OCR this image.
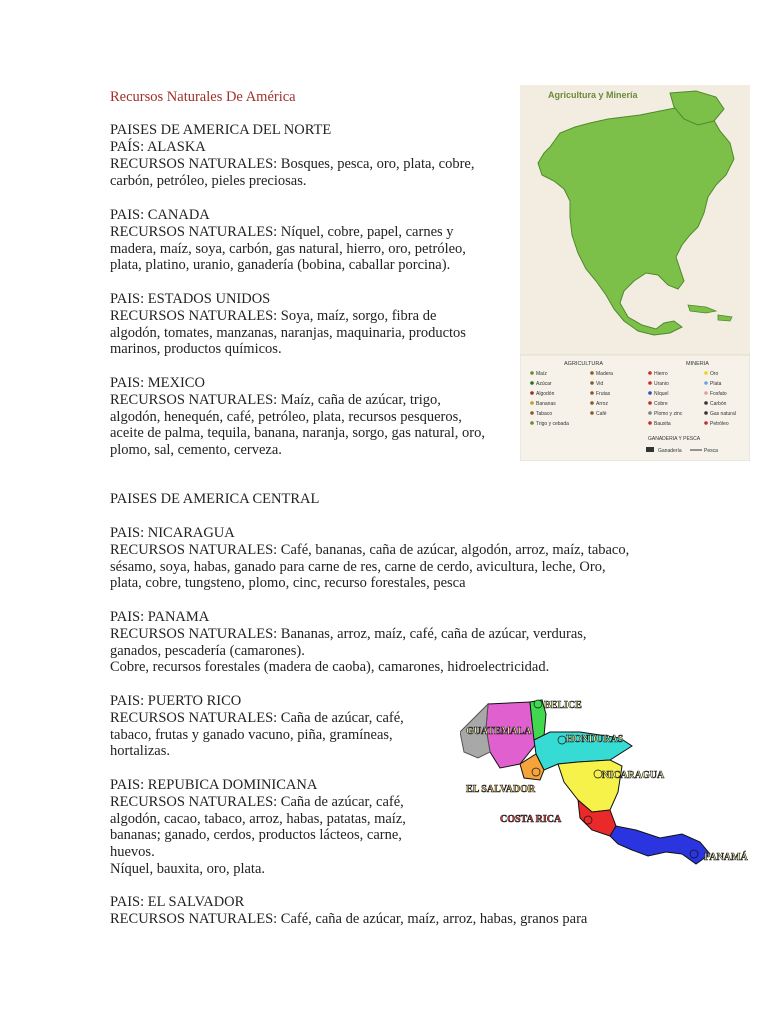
Recursos Naturales De América
PAISES DE AMERICA DEL NORTE
PAISES DE AMERICA CENTRAL
PAÍS: ALASKA
RECURSOS NATURALES: Bosques, pesca, oro, plata, cobre,
carbón, petróleo, pieles preciosas.
PAIS: CANADA
RECURSOS NATURALES: Níquel, cobre, papel, carnes y
madera, maíz, soya, carbón, gas natural, hierro, oro, petróleo,
plata, platino, uranio, ganadería (bobina, caballar porcina).
PAIS: ESTADOS UNIDOS
RECURSOS NATURALES: Soya, maíz, sorgo, fibra de
algodón, tomates, manzanas, naranjas, maquinaria, productos
marinos, productos químicos.
PAIS: MEXICO
RECURSOS NATURALES: Maíz, caña de azúcar, trigo,
algodón, henequén, café, petróleo, plata, recursos pesqueros,
aceite de palma, tequila, banana, naranja, sorgo, gas natural, oro,
plomo, sal, cemento, cerveza.
PAIS: NICARAGUA
RECURSOS NATURALES: Café, bananas, caña de azúcar, algodón, arroz, maíz, tabaco,
sésamo, soya, habas, ganado para carne de res, carne de cerdo, avicultura, leche, Oro,
plata, cobre, tungsteno, plomo, cinc, recurso forestales, pesca
PAIS: PANAMA
RECURSOS NATURALES: Bananas, arroz, maíz, café, caña de azúcar, verduras,
ganados, pescadería (camarones).
Cobre, recursos forestales (madera de caoba), camarones, hidroelectricidad.
PAIS: PUERTO RICO
RECURSOS NATURALES: Caña de azúcar, café,
tabaco, frutas y ganado vacuno, piña, gramíneas,
hortalizas.
PAIS: REPUBICA DOMINICANA
RECURSOS NATURALES: Caña de azúcar, café,
algodón, cacao, tabaco, arroz, habas, patatas, maíz,
bananas; ganado, cerdos, productos lácteos, carne,
huevos.
Níquel, bauxita, oro, plata.
PAIS: EL SALVADOR
RECURSOS NATURALES: Café, caña de azúcar, maíz, arroz, habas, granos para
Agricultura y Minería
AGRICULTURA	MINERIA
Maíz	Madera
Azúcar	Vid
Algodón	Frutas
Bananas	Arroz
Tabaco	Café
Trigo y cebada
Hierro	Oro
Uranio	Plata
Níquel	Fosfato
Cobre	Carbón
Plomo y zinc	Gas natural
Bauxita	Petróleo
GANADERIA Y PESCA
Ganadería	Pesca
BELICE
GUATEMALA
HONDURAS
NICARAGUA
EL SALVADOR
COSTA RICA
PANAMÁ
